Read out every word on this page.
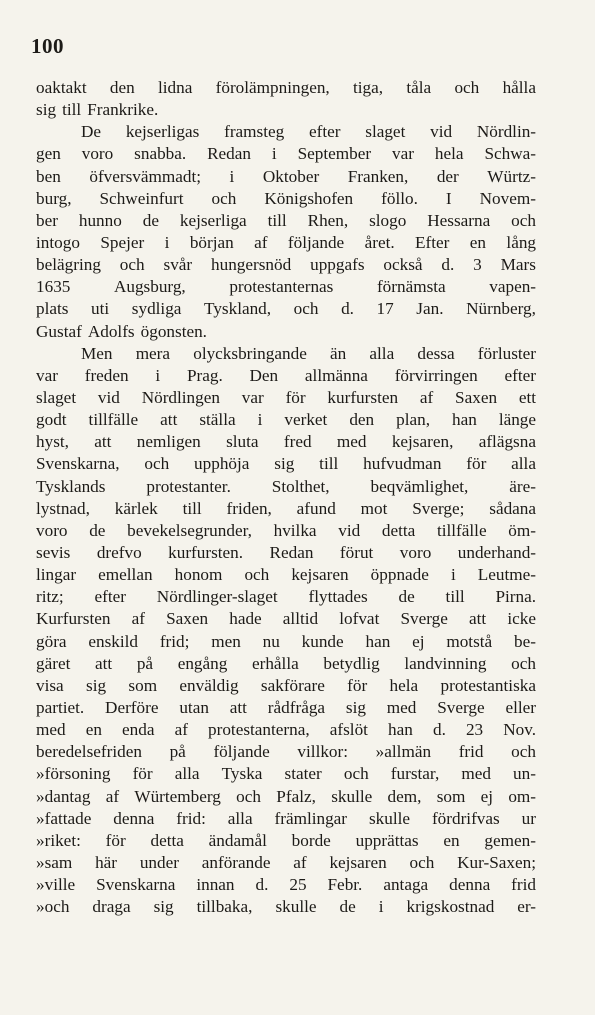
100
oaktakt den lidna förolämpningen, tiga, tåla och hålla
sig till Frankrike.
De kejserligas framsteg efter slaget vid Nördlin-
gen voro snabba. Redan i September var hela Schwa-
ben öfversvämmadt; i Oktober Franken, der Würtz-
burg, Schweinfurt och Königshofen föllo. I Novem-
ber hunno de kejserliga till Rhen, slogo Hessarna och
intogo Spejer i början af följande året. Efter en lång
belägring och svår hungersnöd uppgafs också d. 3 Mars
1635	Augsburg,	protestanternas	förnämsta	vapen-
plats uti sydliga Tyskland, och d. 17 Jan. Nürnberg,
Gustaf Adolfs ögonsten.
Men mera olycksbringande än alla dessa förluster
var freden i Prag. Den allmänna förvirringen efter
slaget vid Nördlingen var för kurfursten af Saxen ett
godt tillfälle att ställa i verket den plan, han länge
hyst, att nemligen sluta fred med kejsaren, aflägsna
Svenskarna, och upphöja sig till hufvudman för alla
Tysklands protestanter. Stolthet, beqvämlighet, äre-
lystnad, kärlek till friden, afund mot Sverge; sådana
voro de bevekelsegrunder, hvilka vid detta tillfälle öm-
sevis drefvo kurfursten. Redan förut voro underhand-
lingar emellan honom och kejsaren öppnade i Leutme-
ritz; efter Nördlinger-slaget flyttades de till Pirna.
Kurfursten af Saxen hade alltid lofvat Sverge att icke
göra enskild frid; men nu kunde han ej motstå be-
gäret att på engång erhålla betydlig landvinning och
visa sig som enväldig sakförare för hela protestantiska
partiet. Derföre utan att rådfråga sig med Sverge eller
med en enda af protestanterna, afslöt han d. 23 Nov.
beredelsefriden på följande villkor: »allmän frid och
»försoning för alla Tyska stater och furstar, med un-
»dantag af Würtemberg och Pfalz, skulle dem, som ej om-
»fattade denna frid: alla främlingar skulle fördrifvas ur
»riket: för detta ändamål borde upprättas en gemen-
»sam här under anförande af kejsaren och Kur-Saxen;
»ville Svenskarna innan d. 25 Febr. antaga denna frid
»och draga sig tillbaka, skulle de i krigskostnad er-
